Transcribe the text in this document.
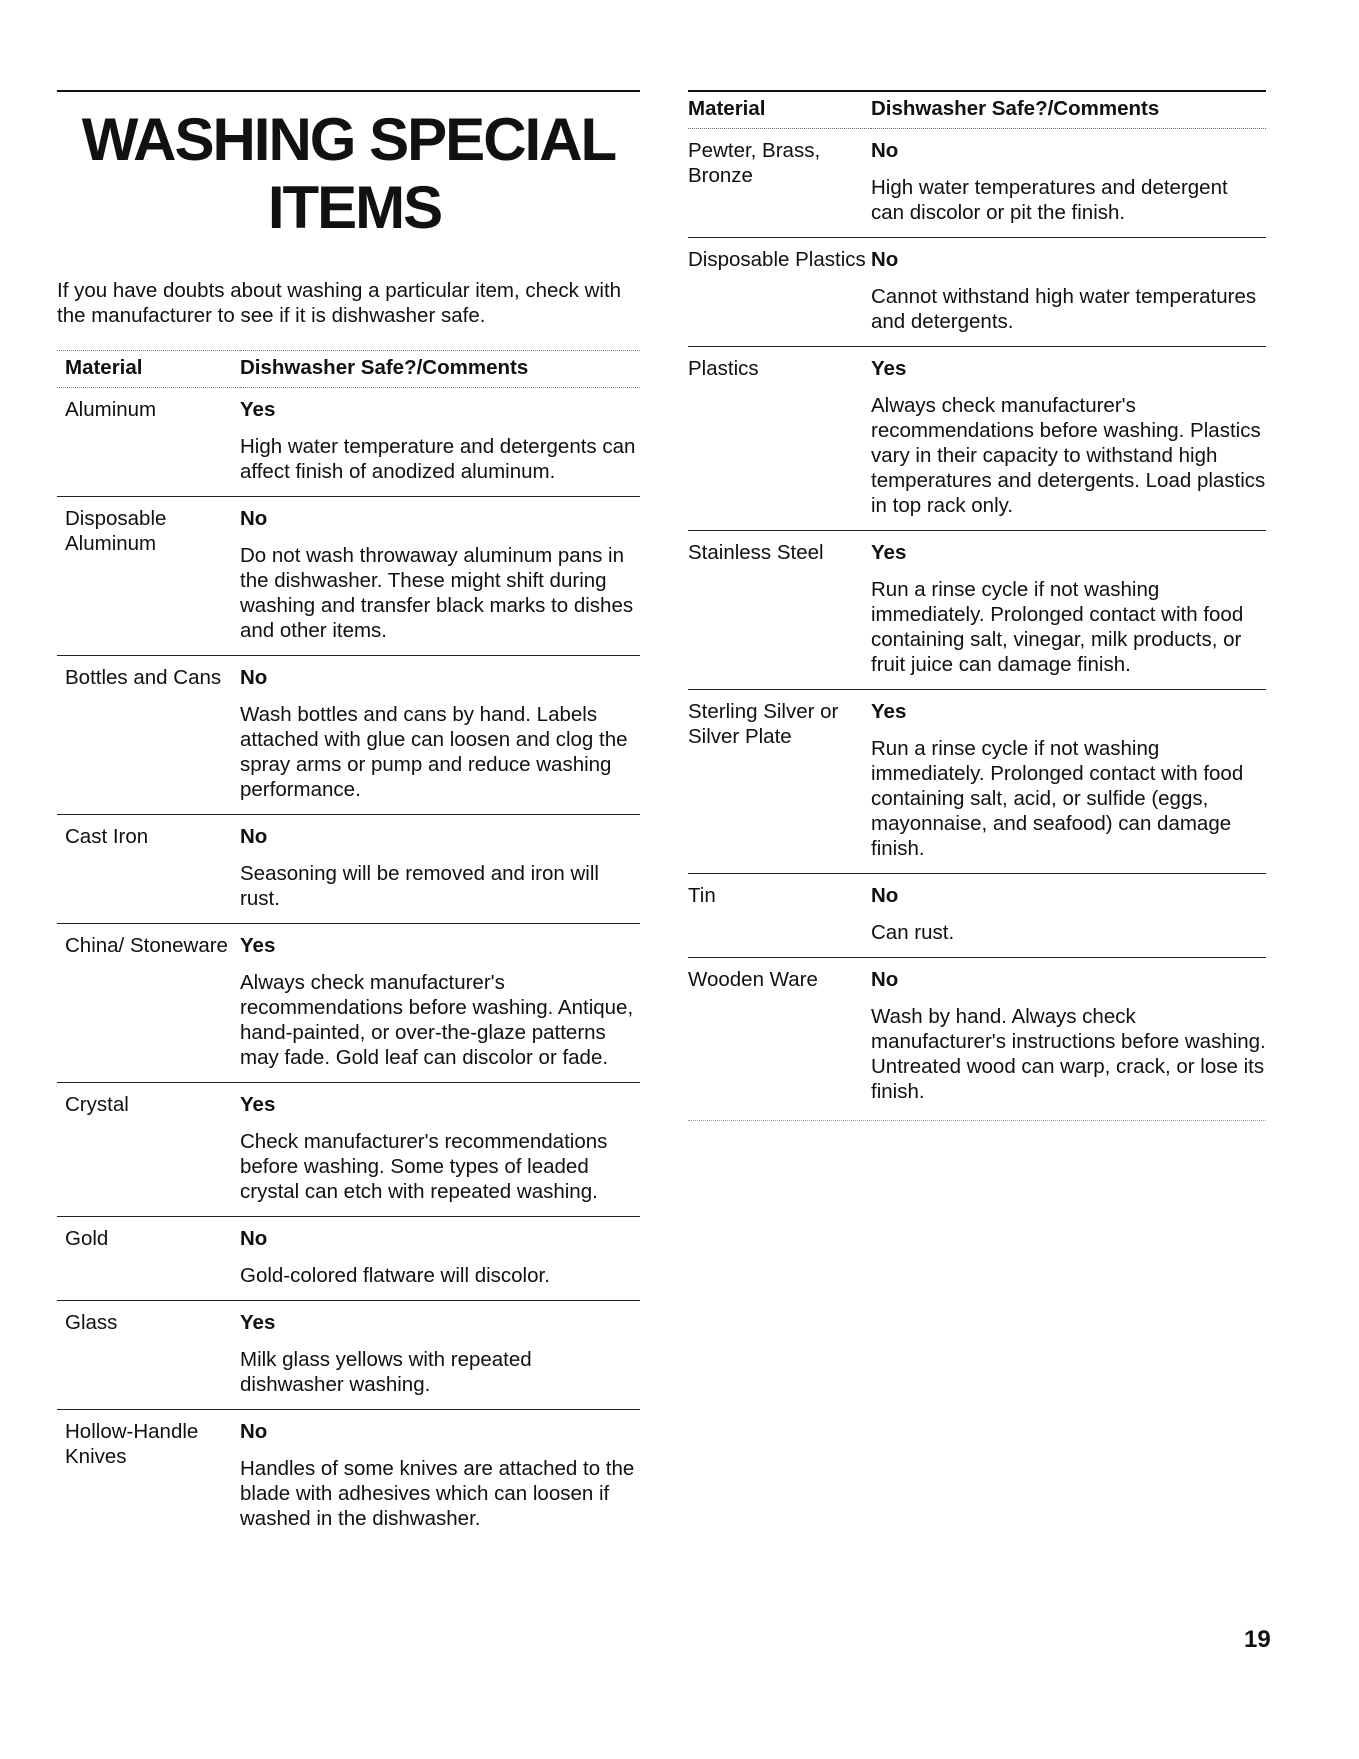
WASHING SPECIAL
ITEMS

If you have doubts about washing a particular item, check with the manufacturer to see if it is dishwasher safe.

Material	Dishwasher Safe?/Comments
Aluminum	Yes
High water temperature and detergents can affect finish of anodized aluminum.

Disposable Aluminum	No
Do not wash throwaway aluminum pans in the dishwasher. These might shift during washing and transfer black marks to dishes and other items.

Bottles and Cans	No
Wash bottles and cans by hand. Labels attached with glue can loosen and clog the spray arms or pump and reduce washing performance.

Cast Iron	No
Seasoning will be removed and iron will rust.

China/ Stoneware	Yes
Always check manufacturer's recommendations before washing. Antique, hand-painted, or over-the-glaze patterns may fade. Gold leaf can discolor or fade.

Crystal	Yes
Check manufacturer's recommendations before washing. Some types of leaded crystal can etch with repeated washing.

Gold	No
Gold-colored flatware will discolor.

Glass	Yes
Milk glass yellows with repeated dishwasher washing.

Hollow-Handle Knives	No
Handles of some knives are attached to the blade with adhesives which can loosen if washed in the dishwasher.
Material	Dishwasher Safe?/Comments
Pewter, Brass, Bronze	No
High water temperatures and detergent can discolor or pit the finish.

Disposable Plastics	No
Cannot withstand high water temperatures and detergents.

Plastics	Yes
Always check manufacturer's recommendations before washing. Plastics vary in their capacity to withstand high temperatures and detergents. Load plastics in top rack only.

Stainless Steel	Yes
Run a rinse cycle if not washing immediately. Prolonged contact with food containing salt, vinegar, milk products, or fruit juice can damage finish.

Sterling Silver or Silver Plate	Yes
Run a rinse cycle if not washing immediately. Prolonged contact with food containing salt, acid, or sulfide (eggs, mayonnaise, and seafood) can damage finish.

Tin	No
Can rust.

Wooden Ware	No
Wash by hand. Always check manufacturer's instructions before washing. Untreated wood can warp, crack, or lose its finish.
19
